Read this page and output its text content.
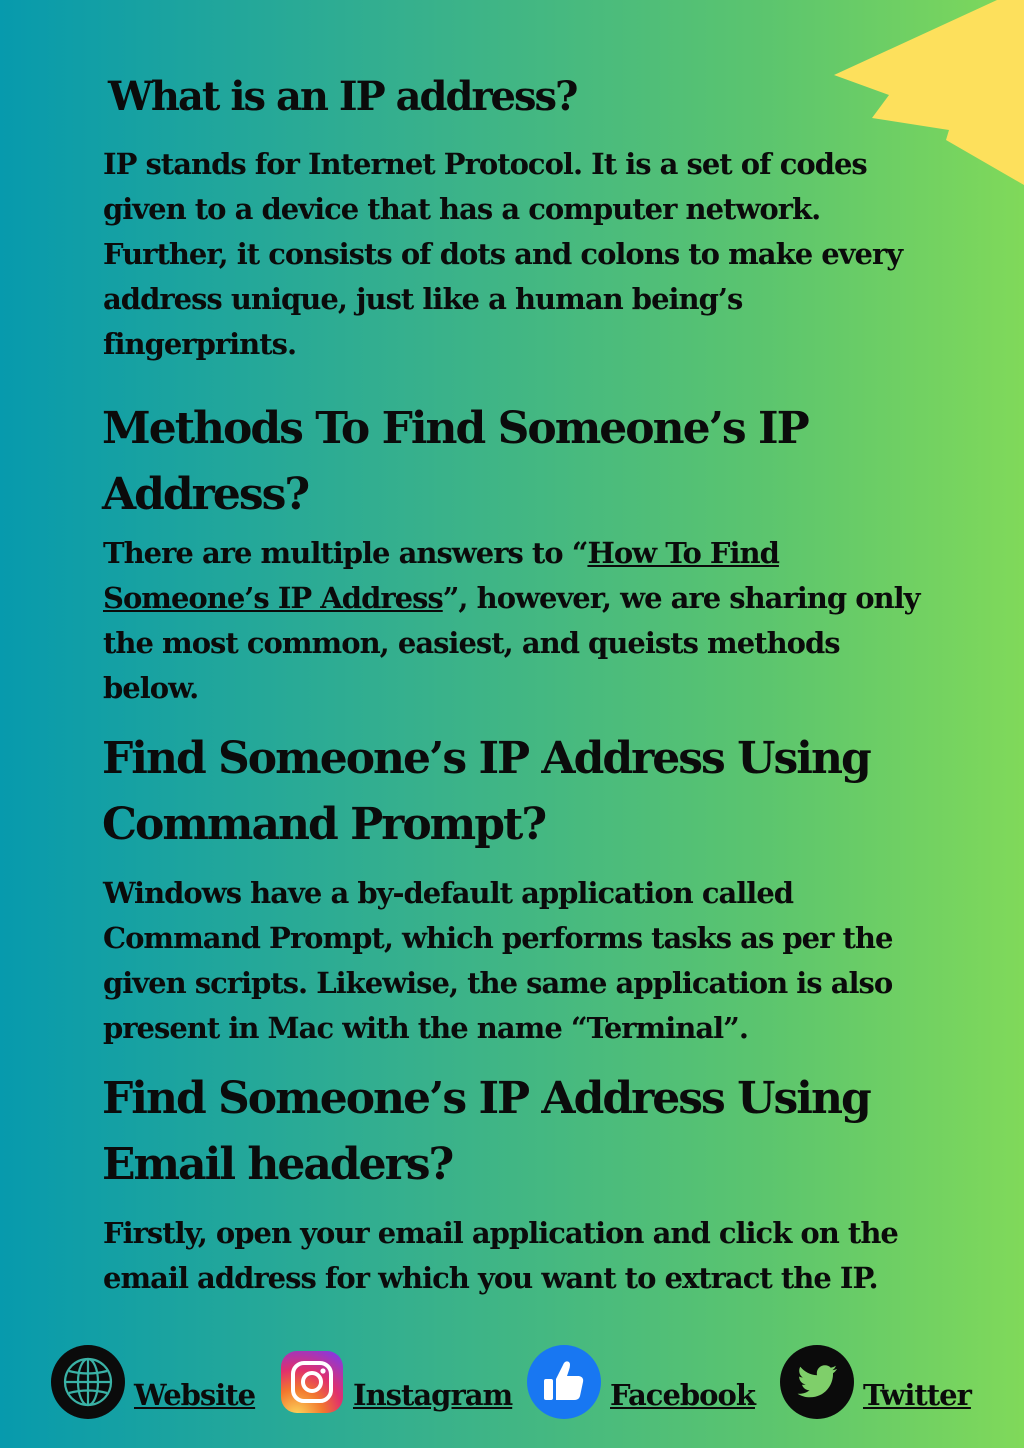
What is an IP address?

IP stands for Internet Protocol. It is a set of codes given to a device that has a computer network. Further, it consists of dots and colons to make every address unique, just like a human being’s fingerprints.

Methods To Find Someone’s IP Address?

There are multiple answers to “How To Find Someone’s IP Address”, however, we are sharing only the most common, easiest, and queists methods below.

Find Someone’s IP Address Using Command Prompt?

Windows have a by-default application called Command Prompt, which performs tasks as per the given scripts. Likewise, the same application is also present in Mac with the name “Terminal”.

Find Someone’s IP Address Using Email headers?

Firstly, open your email application and click on the email address for which you want to extract the IP.

Website	Instagram	Facebook	Twitter
